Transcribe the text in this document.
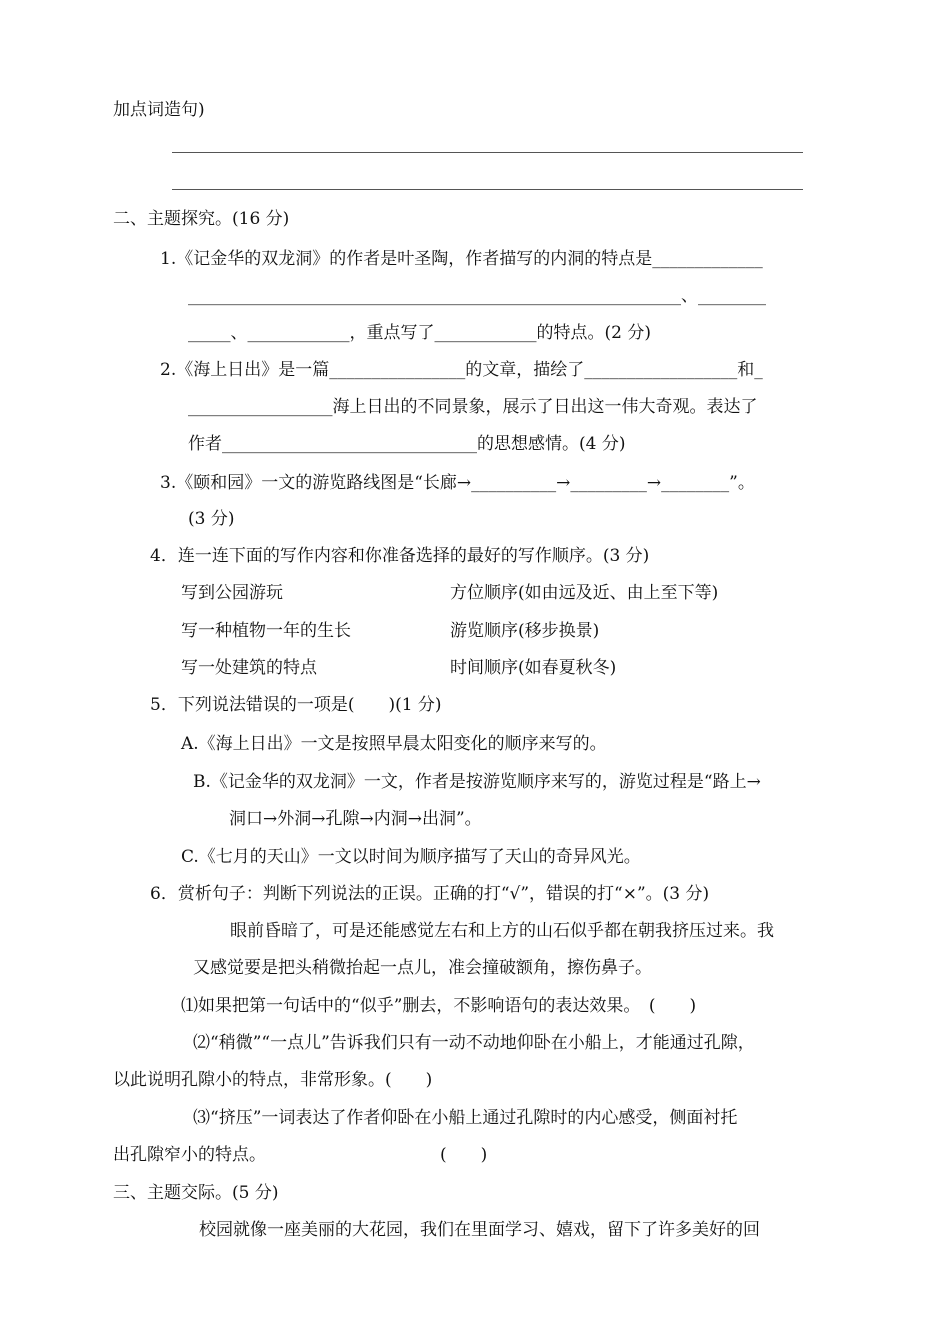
加点词造句)
二、主题探究。(16 分)
1.《记金华的双龙洞》的作者是叶圣陶，作者描写的内洞的特点是_____________
__________________________________________________________、________
_____、____________，重点写了____________的特点。(2 分)
2.《海上日出》是一篇________________的文章，描绘了__________________和_
_________________海上日出的不同景象，展示了日出这一伟大奇观。表达了
作者______________________________的思想感情。(4 分)
3.《颐和园》一文的游览路线图是“长廊→__________→_________→________”。
(3 分)
4．连一连下面的写作内容和你准备选择的最好的写作顺序。(3 分)
写到公园游玩	方位顺序(如由远及近、由上至下等)
写一种植物一年的生长	游览顺序(移步换景)
写一处建筑的特点	时间顺序(如春夏秋冬)
5．下列说法错误的一项是(　　)(1 分)
A.《海上日出》一文是按照早晨太阳变化的顺序来写的。
B.《记金华的双龙洞》一文，作者是按游览顺序来写的，游览过程是“路上→
洞口→外洞→孔隙→内洞→出洞”。
C.《七月的天山》一文以时间为顺序描写了天山的奇异风光。
6．赏析句子：判断下列说法的正误。正确的打“√”，错误的打“×”。(3 分)
眼前昏暗了，可是还能感觉左右和上方的山石似乎都在朝我挤压过来。我
又感觉要是把头稍微抬起一点儿，准会撞破额角，擦伤鼻子。
⑴如果把第一句话中的“似乎”删去，不影响语句的表达效果。　(　　)
⑵“稍微”“一点儿”告诉我们只有一动不动地仰卧在小船上，才能通过孔隙，
以此说明孔隙小的特点，非常形象。(　　)
⑶“挤压”一词表达了作者仰卧在小船上通过孔隙时的内心感受，侧面衬托
出孔隙窄小的特点。	(　　)
三、主题交际。(5 分)
校园就像一座美丽的大花园，我们在里面学习、嬉戏，留下了许多美好的回
